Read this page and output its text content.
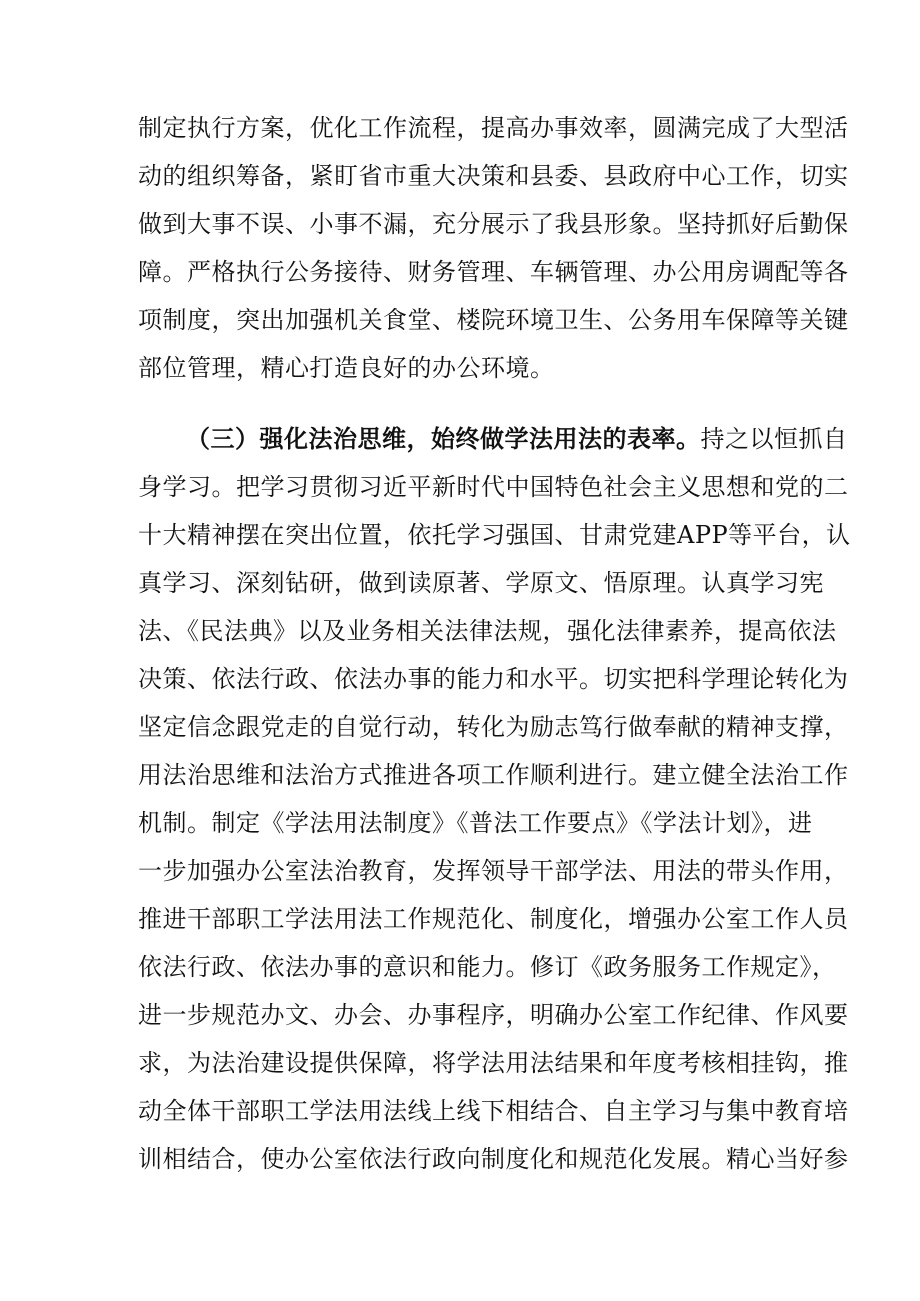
制定执行方案，优化工作流程，提高办事效率，圆满完成了大型活
动的组织筹备，紧盯省市重大决策和县委、县政府中心工作，切实
做到大事不误、小事不漏，充分展示了我县形象。坚持抓好后勤保
障。严格执行公务接待、财务管理、车辆管理、办公用房调配等各
项制度，突出加强机关食堂、楼院环境卫生、公务用车保障等关键
部位管理，精心打造良好的办公环境。
（三）强化法治思维，始终做学法用法的表率。持之以恒抓自
身学习。把学习贯彻习近平新时代中国特色社会主义思想和党的二
十大精神摆在突出位置，依托学习强国、甘肃党建APP等平台，认
真学习、深刻钻研，做到读原著、学原文、悟原理。认真学习宪
法、《民法典》以及业务相关法律法规，强化法律素养，提高依法
决策、依法行政、依法办事的能力和水平。切实把科学理论转化为
坚定信念跟党走的自觉行动，转化为励志笃行做奉献的精神支撑，
用法治思维和法治方式推进各项工作顺利进行。建立健全法治工作
机制。制定《学法用法制度》《普法工作要点》《学法计划》，进
一步加强办公室法治教育，发挥领导干部学法、用法的带头作用，
推进干部职工学法用法工作规范化、制度化，增强办公室工作人员
依法行政、依法办事的意识和能力。修订《政务服务工作规定》，
进一步规范办文、办会、办事程序，明确办公室工作纪律、作风要
求，为法治建设提供保障，将学法用法结果和年度考核相挂钩，推
动全体干部职工学法用法线上线下相结合、自主学习与集中教育培
训相结合，使办公室依法行政向制度化和规范化发展。精心当好参
